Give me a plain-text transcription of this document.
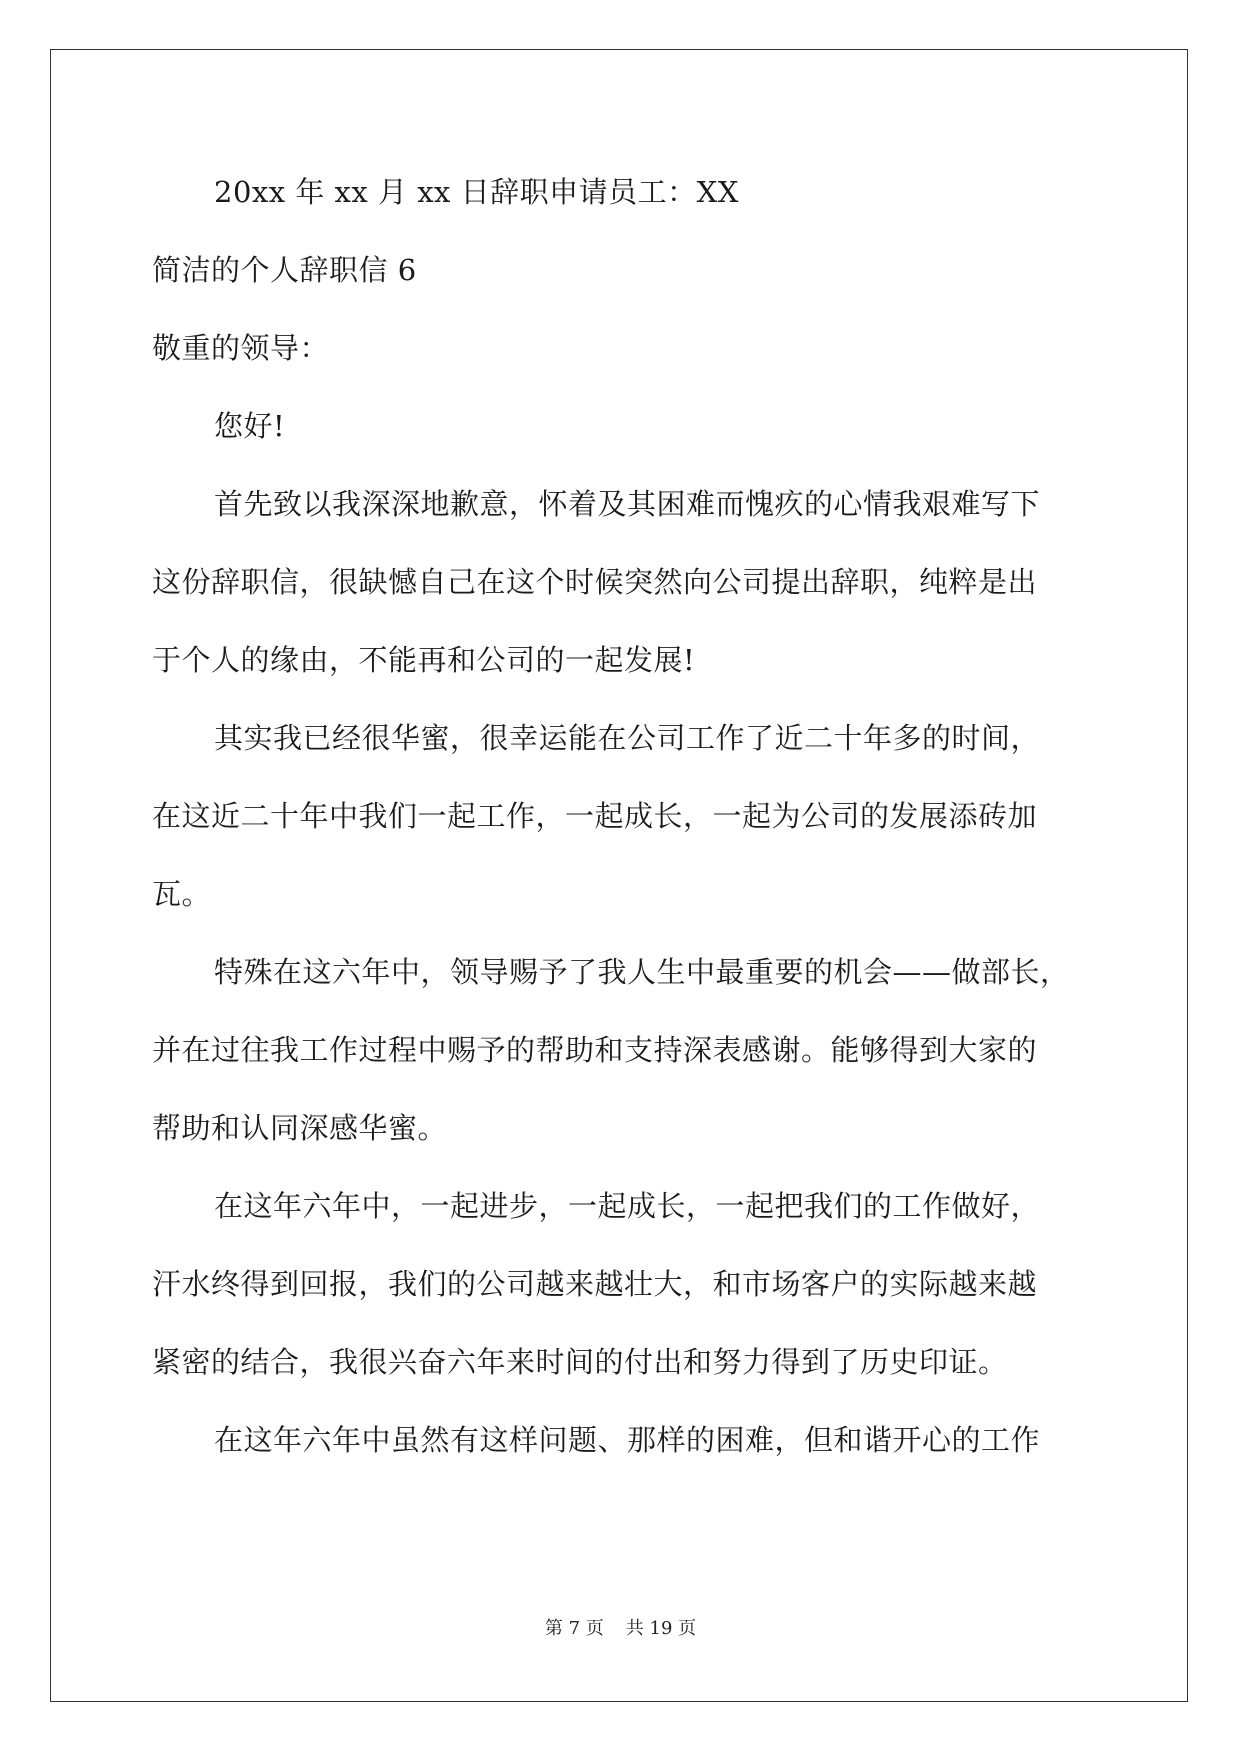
20xx 年 xx 月 xx 日辞职申请员工：XX
简洁的个人辞职信 6
敬重的领导：
您好!
首先致以我深深地歉意，怀着及其困难而愧疚的心情我艰难写下
这份辞职信，很缺憾自己在这个时候突然向公司提出辞职，纯粹是出
于个人的缘由，不能再和公司的一起发展!
其实我已经很华蜜，很幸运能在公司工作了近二十年多的时间，
在这近二十年中我们一起工作，一起成长，一起为公司的发展添砖加
瓦。
特殊在这六年中，领导赐予了我人生中最重要的机会——做部长，
并在过往我工作过程中赐予的帮助和支持深表感谢。能够得到大家的
帮助和认同深感华蜜。
在这年六年中，一起进步，一起成长，一起把我们的工作做好，
汗水终得到回报，我们的公司越来越壮大，和市场客户的实际越来越
紧密的结合，我很兴奋六年来时间的付出和努力得到了历史印证。
在这年六年中虽然有这样问题、那样的困难，但和谐开心的工作
第 7 页 共 19 页
